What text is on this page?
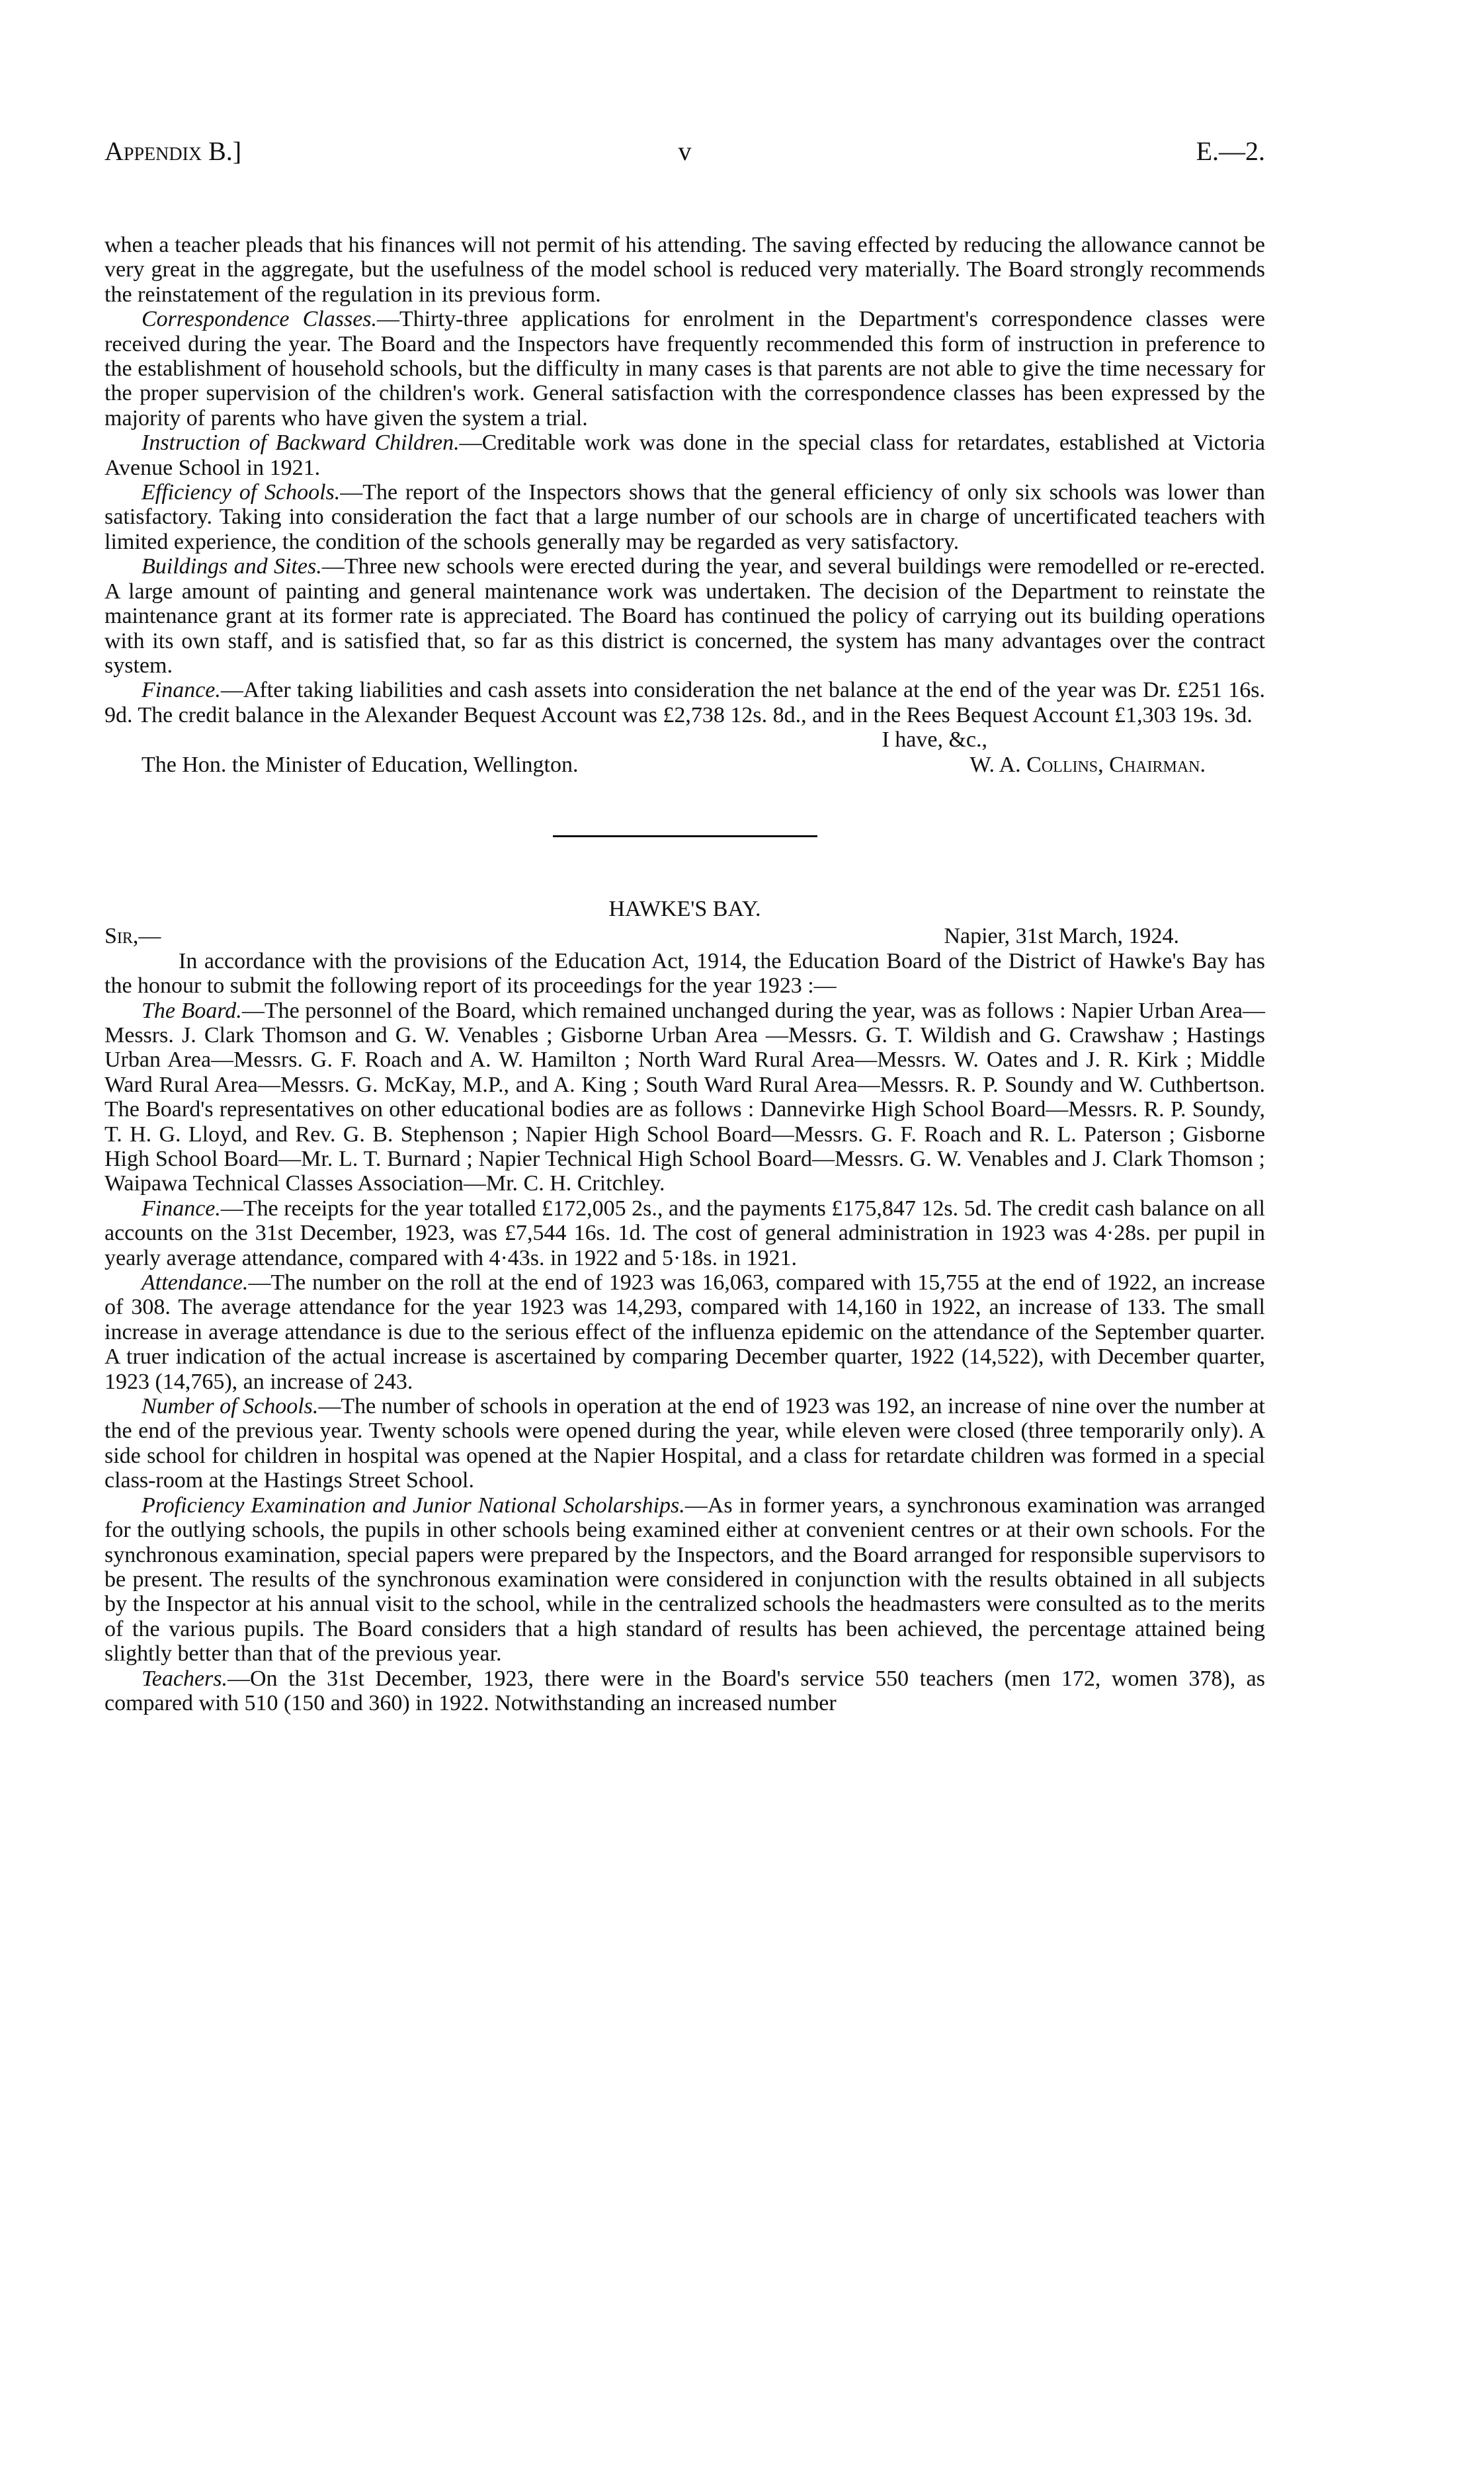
Appendix B.]	v	E.—2.

when a teacher pleads that his finances will not permit of his attending. The saving effected by reducing the allowance cannot be very great in the aggregate, but the usefulness of the model school is reduced very materially. The Board strongly recommends the reinstatement of the regulation in its previous form.

Correspondence Classes.—Thirty-three applications for enrolment in the Department's correspondence classes were received during the year. The Board and the Inspectors have frequently recommended this form of instruction in preference to the establishment of household schools, but the difficulty in many cases is that parents are not able to give the time necessary for the proper supervision of the children's work. General satisfaction with the correspondence classes has been expressed by the majority of parents who have given the system a trial.

Instruction of Backward Children.—Creditable work was done in the special class for retardates, established at Victoria Avenue School in 1921.

Efficiency of Schools.—The report of the Inspectors shows that the general efficiency of only six schools was lower than satisfactory. Taking into consideration the fact that a large number of our schools are in charge of uncertificated teachers with limited experience, the condition of the schools generally may be regarded as very satisfactory.

Buildings and Sites.—Three new schools were erected during the year, and several buildings were remodelled or re-erected. A large amount of painting and general maintenance work was undertaken. The decision of the Department to reinstate the maintenance grant at its former rate is appreciated. The Board has continued the policy of carrying out its building operations with its own staff, and is satisfied that, so far as this district is concerned, the system has many advantages over the contract system.

Finance.—After taking liabilities and cash assets into consideration the net balance at the end of the year was Dr. £251 16s. 9d. The credit balance in the Alexander Bequest Account was £2,738 12s. 8d., and in the Rees Bequest Account £1,303 19s. 3d.

I have, &c.,
The Hon. the Minister of Education, Wellington.	W. A. Collins, Chairman.
HAWKE'S BAY.
Sir,—	Napier, 31st March, 1924.

In accordance with the provisions of the Education Act, 1914, the Education Board of the District of Hawke's Bay has the honour to submit the following report of its proceedings for the year 1923 :—

The Board.—The personnel of the Board, which remained unchanged during the year, was as follows : Napier Urban Area—Messrs. J. Clark Thomson and G. W. Venables ; Gisborne Urban Area —Messrs. G. T. Wildish and G. Crawshaw ; Hastings Urban Area—Messrs. G. F. Roach and A. W. Hamilton ; North Ward Rural Area—Messrs. W. Oates and J. R. Kirk ; Middle Ward Rural Area—Messrs. G. McKay, M.P., and A. King ; South Ward Rural Area—Messrs. R. P. Soundy and W. Cuthbertson. The Board's representatives on other educational bodies are as follows : Dannevirke High School Board—Messrs. R. P. Soundy, T. H. G. Lloyd, and Rev. G. B. Stephenson ; Napier High School Board—Messrs. G. F. Roach and R. L. Paterson ; Gisborne High School Board—Mr. L. T. Burnard ; Napier Technical High School Board—Messrs. G. W. Venables and J. Clark Thomson ; Waipawa Technical Classes Association—Mr. C. H. Critchley.

Finance.—The receipts for the year totalled £172,005 2s., and the payments £175,847 12s. 5d. The credit cash balance on all accounts on the 31st December, 1923, was £7,544 16s. 1d. The cost of general administration in 1923 was 4·28s. per pupil in yearly average attendance, compared with 4·43s. in 1922 and 5·18s. in 1921.

Attendance.—The number on the roll at the end of 1923 was 16,063, compared with 15,755 at the end of 1922, an increase of 308. The average attendance for the year 1923 was 14,293, compared with 14,160 in 1922, an increase of 133. The small increase in average attendance is due to the serious effect of the influenza epidemic on the attendance of the September quarter. A truer indication of the actual increase is ascertained by comparing December quarter, 1922 (14,522), with December quarter, 1923 (14,765), an increase of 243.

Number of Schools.—The number of schools in operation at the end of 1923 was 192, an increase of nine over the number at the end of the previous year. Twenty schools were opened during the year, while eleven were closed (three temporarily only). A side school for children in hospital was opened at the Napier Hospital, and a class for retardate children was formed in a special class-room at the Hastings Street School.

Proficiency Examination and Junior National Scholarships.—As in former years, a synchronous examination was arranged for the outlying schools, the pupils in other schools being examined either at convenient centres or at their own schools. For the synchronous examination, special papers were prepared by the Inspectors, and the Board arranged for responsible supervisors to be present. The results of the synchronous examination were considered in conjunction with the results obtained in all subjects by the Inspector at his annual visit to the school, while in the centralized schools the headmasters were consulted as to the merits of the various pupils. The Board considers that a high standard of results has been achieved, the percentage attained being slightly better than that of the previous year.

Teachers.—On the 31st December, 1923, there were in the Board's service 550 teachers (men 172, women 378), as compared with 510 (150 and 360) in 1922. Notwithstanding an increased number
